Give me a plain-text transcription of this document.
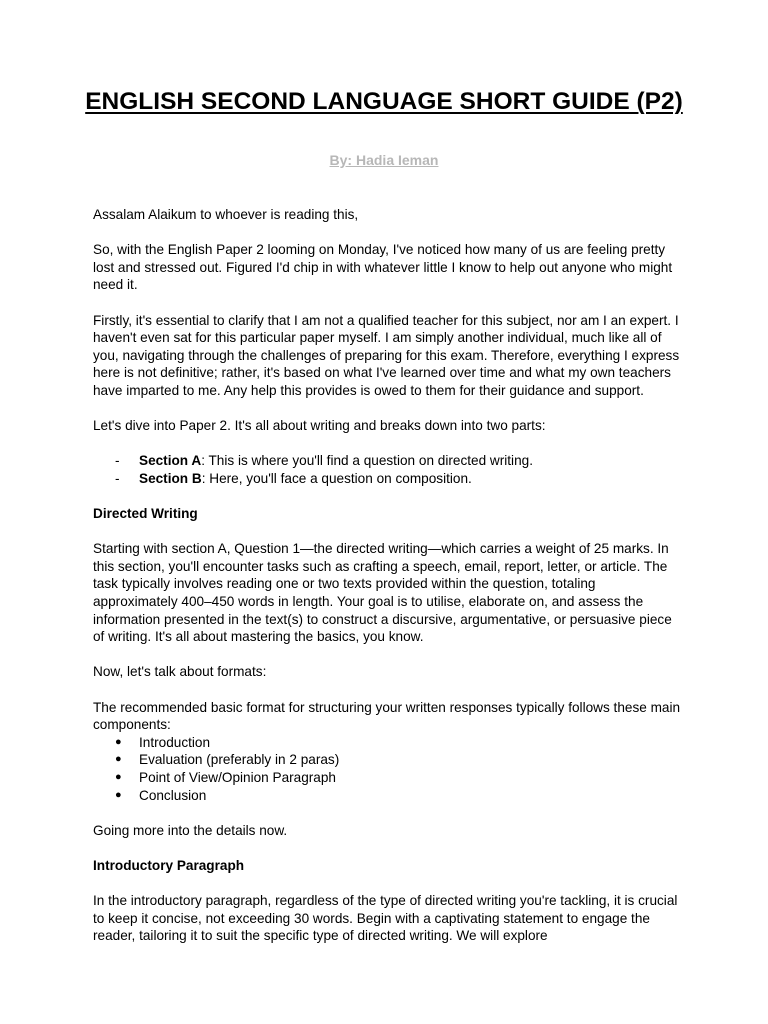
ENGLISH SECOND LANGUAGE SHORT GUIDE (P2)
By: Hadia Ieman

Assalam Alaikum to whoever is reading this,

So, with the English Paper 2 looming on Monday, I've noticed how many of us are feeling pretty lost and stressed out. Figured I'd chip in with whatever little I know to help out anyone who might need it.

Firstly, it's essential to clarify that I am not a qualified teacher for this subject, nor am I an expert. I haven't even sat for this particular paper myself. I am simply another individual, much like all of you, navigating through the challenges of preparing for this exam. Therefore, everything I express here is not definitive; rather, it's based on what I've learned over time and what my own teachers have imparted to me. Any help this provides is owed to them for their guidance and support.

Let's dive into Paper 2. It's all about writing and breaks down into two parts:

- Section A: This is where you'll find a question on directed writing.
- Section B: Here, you'll face a question on composition.

Directed Writing

Starting with section A, Question 1—the directed writing—which carries a weight of 25 marks. In this section, you'll encounter tasks such as crafting a speech, email, report, letter, or article. The task typically involves reading one or two texts provided within the question, totaling approximately 400–450 words in length. Your goal is to utilise, elaborate on, and assess the information presented in the text(s) to construct a discursive, argumentative, or persuasive piece of writing. It's all about mastering the basics, you know.

Now, let's talk about formats:

The recommended basic format for structuring your written responses typically follows these main components:

● Introduction
● Evaluation (preferably in 2 paras)
● Point of View/Opinion Paragraph
● Conclusion

Going more into the details now.

Introductory Paragraph

In the introductory paragraph, regardless of the type of directed writing you're tackling, it is crucial to keep it concise, not exceeding 30 words. Begin with a captivating statement to engage the reader, tailoring it to suit the specific type of directed writing. We will explore
